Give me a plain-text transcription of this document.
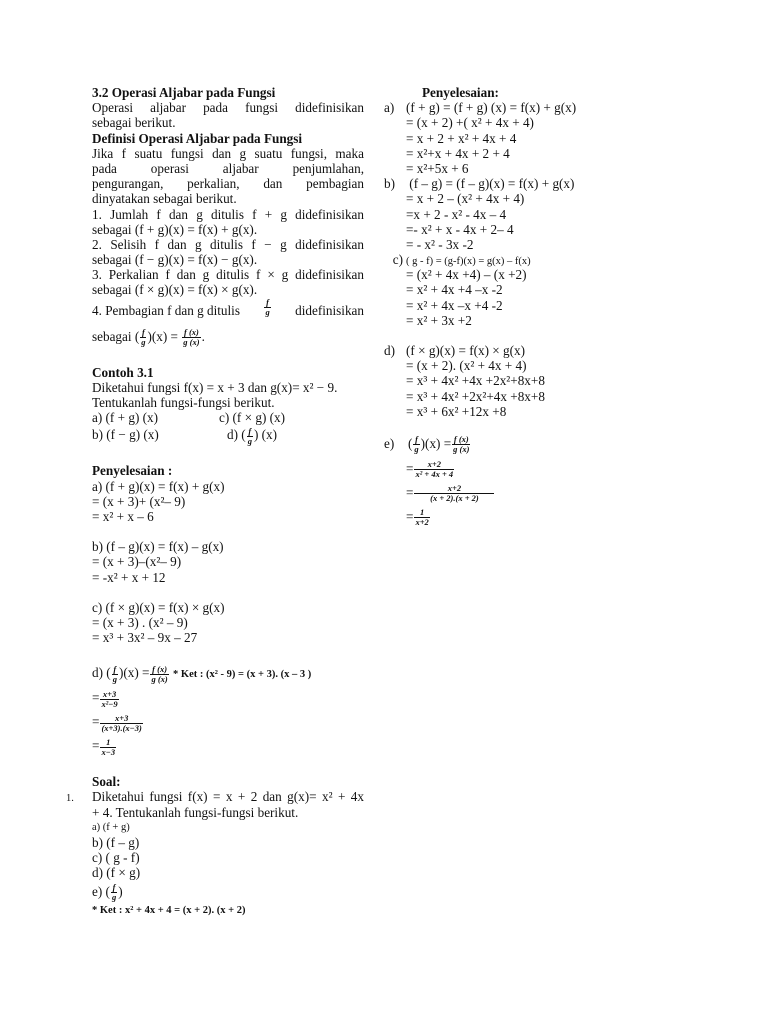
3.2 Operasi Aljabar pada Fungsi
Operasi aljabar pada fungsi didefinisikan
sebagai berikut.
Definisi Operasi Aljabar pada Fungsi
Jika f suatu fungsi dan g suatu fungsi, maka
pada operasi aljabar penjumlahan,
pengurangan, perkalian, dan pembagian
dinyatakan sebagai berikut.
1. Jumlah f dan g ditulis f + g didefinisikan
sebagai (f + g)(x) = f(x) + g(x).
2. Selisih f dan g ditulis f − g didefinisikan
sebagai (f − g)(x) = f(x) − g(x).
3. Perkalian f dan g ditulis f × g didefinisikan
sebagai (f × g)(x) = f(x) × g(x).
4. Pembagian f dan g ditulis	$\frac{f}{g}$ didefinisikan
sebagai ( $\frac{f}{g} )(x) = \frac{f (x)}{g (x)}$ .
Contoh 3.1
Diketahui fungsi f(x) = x + 3 dan g(x)= x² − 9.
Tentukanlah fungsi-fungsi berikut.
a) (f + g) (x)	c) (f × g) (x)
b) (f − g) (x)	d) ( $\frac{f}{g}$ ) (x)
Penyelesaian :
a) (f + g)(x) = f(x) + g(x)
= (x + 3)+ (x²– 9)
= x² + x – 6
b) (f – g)(x) = f(x) – g(x)
= (x + 3)–(x²– 9)
= -x² + x + 12
c) (f × g)(x) = f(x) × g(x)
= (x + 3) . (x² – 9)
= x³ + 3x² – 9x – 27
d) ( $\frac{f}{g} )(x) = \frac{f (x)}{g (x)}$ * Ket : (x² - 9) = (x + 3). (x – 3 )
= $\frac{x+3}{\text{x²−9}}$
= $\frac{x+3}{(x+3).(x-3)}$
= $\frac{1}{x-3}$
Soal:
1. Diketahui fungsi f(x) = x + 2 dan g(x)= x² + 4x
+ 4. Tentukanlah fungsi-fungsi berikut.
a) (f + g)
b) (f – g)
c) ( g - f)
d) (f × g)
e) ( $\frac{f}{g}$ )
* Ket : x² + 4x + 4 = (x + 2). (x + 2)
Penyelesaian:
a) (f + g) = (f + g) (x) = f(x) + g(x)
= (x + 2) +( x² + 4x + 4)
= x + 2 + x² + 4x + 4
= x²+x + 4x + 2 + 4
= x²+5x + 6
b) (f – g) = (f – g)(x) = f(x) + g(x)
= x + 2 – (x² + 4x + 4)
=x + 2 - x² - 4x – 4
=- x² + x - 4x + 2– 4
= - x² - 3x -2
c) ( g - f) = (g-f)(x) = g(x) – f(x)
= (x² + 4x +4) – (x +2)
= x² + 4x +4 –x -2
= x² + 4x –x +4 -2
= x² + 3x +2
d) (f × g)(x) = f(x) × g(x)
= (x + 2). (x² + 4x + 4)
= x³ + 4x² +4x +2x²+8x+8
= x³ + 4x² +2x²+4x +8x+8
= x³ + 6x² +12x +8
e) ( $\frac{f}{g} )(x) = \frac{f (x)}{g (x)}$
= $\frac{x+2}{\text{x² + 4x + 4}}$
= $\frac{x+2}{(x + 2).(x + 2)}$
= $\frac{1}{x+2}$
